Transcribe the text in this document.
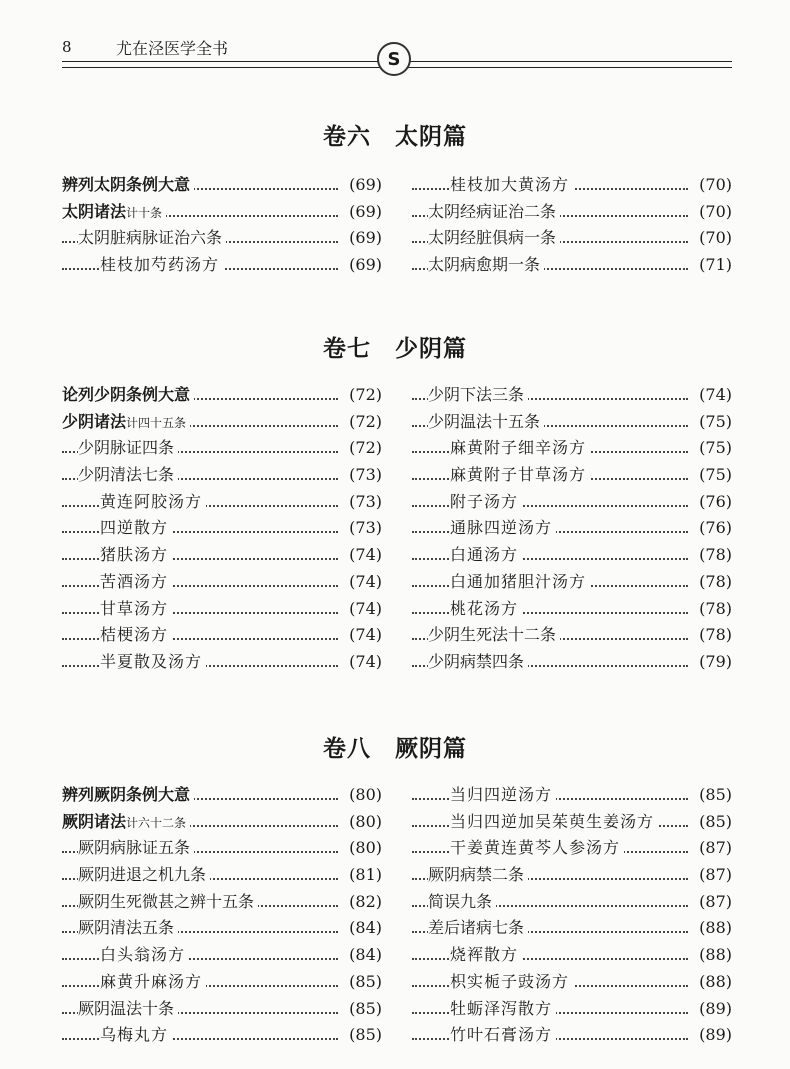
8	尤在泾医学全书	S
卷六　太阴篇
辨列太阴条例大意	(69)
太阴诸法计十条	(69)
太阴脏病脉证治六条	(69)
桂枝加芍药汤方	(69)
桂枝加大黄汤方	(70)
太阴经病证治二条	(70)
太阴经脏俱病一条	(70)
太阴病愈期一条	(71)
卷七　少阴篇
论列少阴条例大意	(72)
少阴诸法计四十五条	(72)
少阴脉证四条	(72)
少阴清法七条	(73)
黄连阿胶汤方	(73)
四逆散方	(73)
猪肤汤方	(74)
苦酒汤方	(74)
甘草汤方	(74)
桔梗汤方	(74)
半夏散及汤方	(74)
少阴下法三条	(74)
少阴温法十五条	(75)
麻黄附子细辛汤方	(75)
麻黄附子甘草汤方	(75)
附子汤方	(76)
通脉四逆汤方	(76)
白通汤方	(78)
白通加猪胆汁汤方	(78)
桃花汤方	(78)
少阴生死法十二条	(78)
少阴病禁四条	(79)
卷八　厥阴篇
辨列厥阴条例大意	(80)
厥阴诸法计六十二条	(80)
厥阴病脉证五条	(80)
厥阴进退之机九条	(81)
厥阴生死微甚之辨十五条	(82)
厥阴清法五条	(84)
白头翁汤方	(84)
麻黄升麻汤方	(85)
厥阴温法十条	(85)
乌梅丸方	(85)
当归四逆汤方	(85)
当归四逆加吴茱萸生姜汤方	(85)
干姜黄连黄芩人参汤方	(87)
厥阴病禁二条	(87)
简误九条	(87)
差后诸病七条	(88)
烧裈散方	(88)
枳实栀子豉汤方	(88)
牡蛎泽泻散方	(89)
竹叶石膏汤方	(89)
